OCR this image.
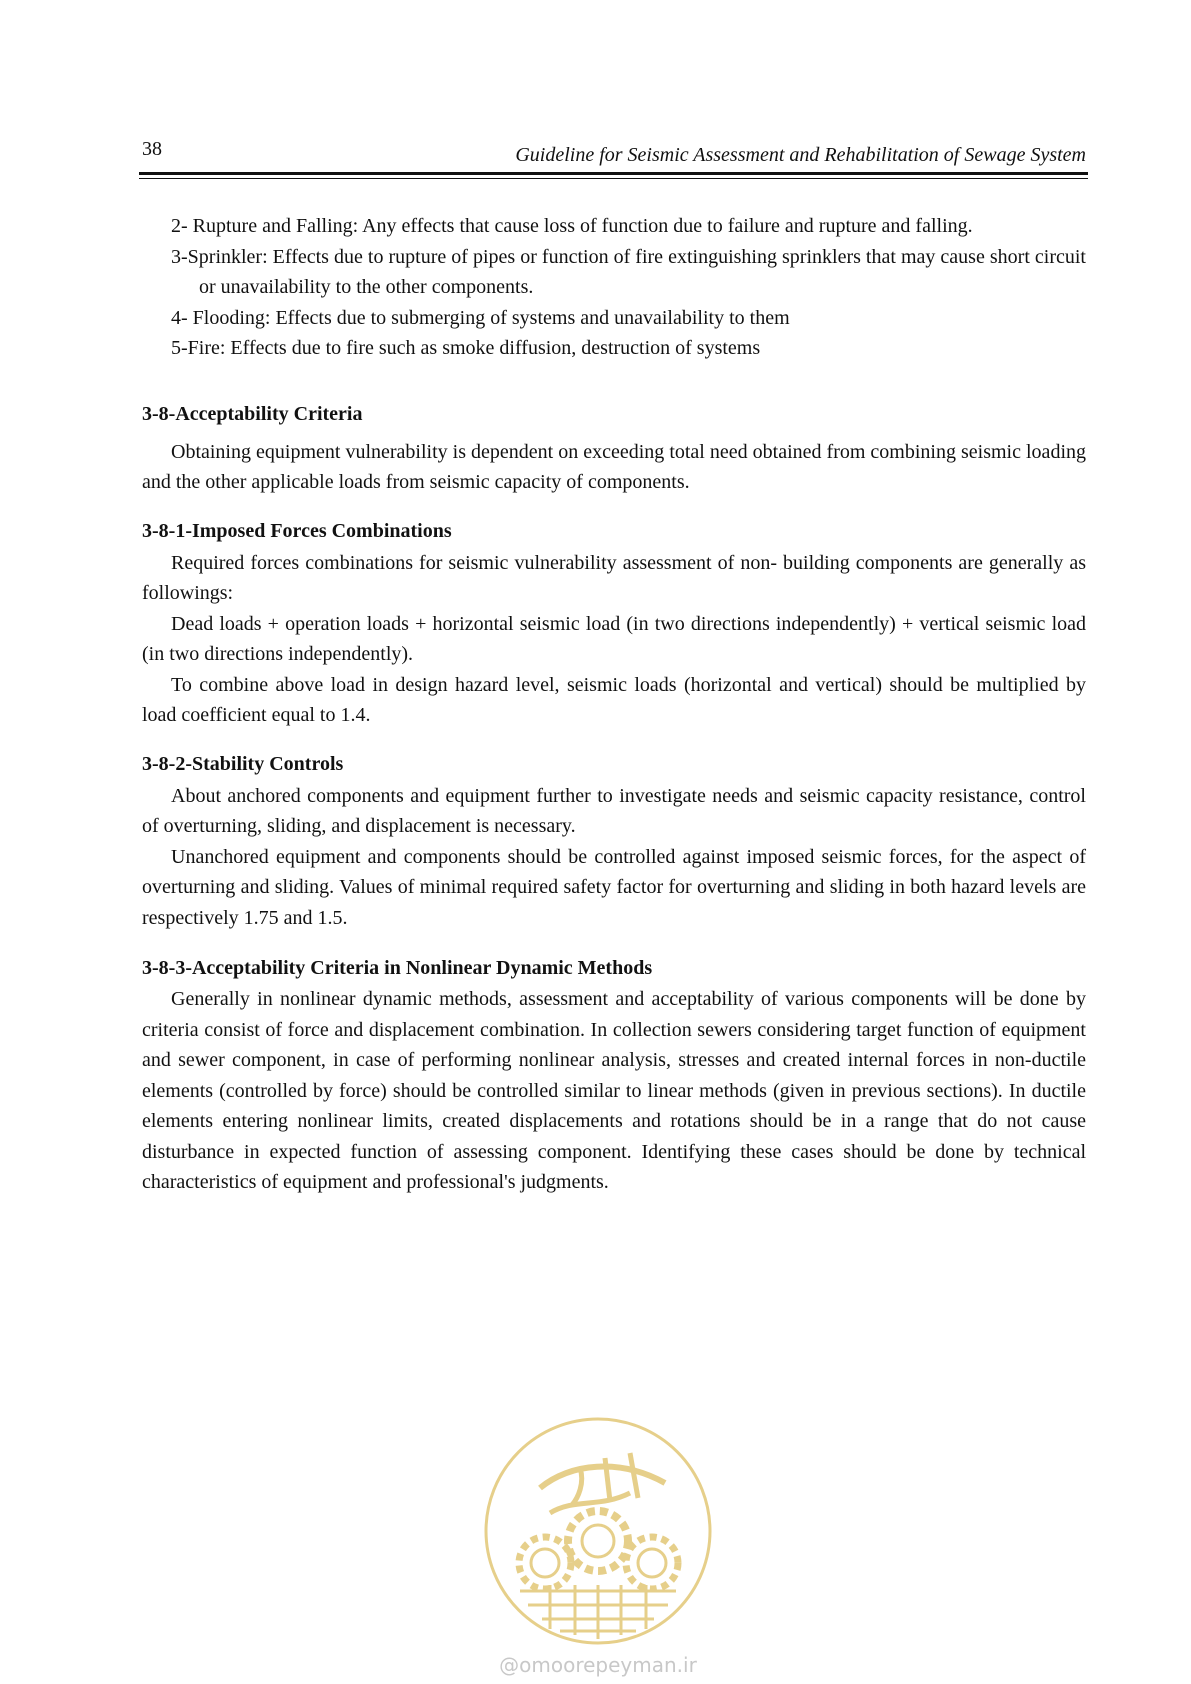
38	Guideline for Seismic Assessment and Rehabilitation of Sewage System

2- Rupture and Falling: Any effects that cause loss of function due to failure and rupture and falling.

3-Sprinkler: Effects due to rupture of pipes or function of fire extinguishing sprinklers that may cause short circuit or unavailability to the other components.

4- Flooding: Effects due to submerging of systems and unavailability to them

5-Fire: Effects due to fire such as smoke diffusion, destruction of systems

3-8-Acceptability Criteria

Obtaining equipment vulnerability is dependent on exceeding total need obtained from combining seismic loading and the other applicable loads from seismic capacity of components.

3-8-1-Imposed Forces Combinations

Required forces combinations for seismic vulnerability assessment of non- building components are generally as followings:

Dead loads + operation loads + horizontal seismic load (in two directions independently) + vertical seismic load (in two directions independently).

To combine above load in design hazard level, seismic loads (horizontal and vertical) should be multiplied by load coefficient equal to 1.4.

3-8-2-Stability Controls

About anchored components and equipment further to investigate needs and seismic capacity resistance, control of overturning, sliding, and displacement is necessary.

Unanchored equipment and components should be controlled against imposed seismic forces, for the aspect of overturning and sliding. Values of minimal required safety factor for overturning and sliding in both hazard levels are respectively 1.75 and 1.5.

3-8-3-Acceptability Criteria in Nonlinear Dynamic Methods

Generally in nonlinear dynamic methods, assessment and acceptability of various components will be done by criteria consist of force and displacement combination. In collection sewers considering target function of equipment and sewer component, in case of performing nonlinear analysis, stresses and created internal forces in non-ductile elements (controlled by force) should be controlled similar to linear methods (given in previous sections). In ductile elements entering nonlinear limits, created displacements and rotations should be in a range that do not cause disturbance in expected function of assessing component. Identifying these cases should be done by technical characteristics of equipment and professional's judgments.

@omoorepeyman.ir
